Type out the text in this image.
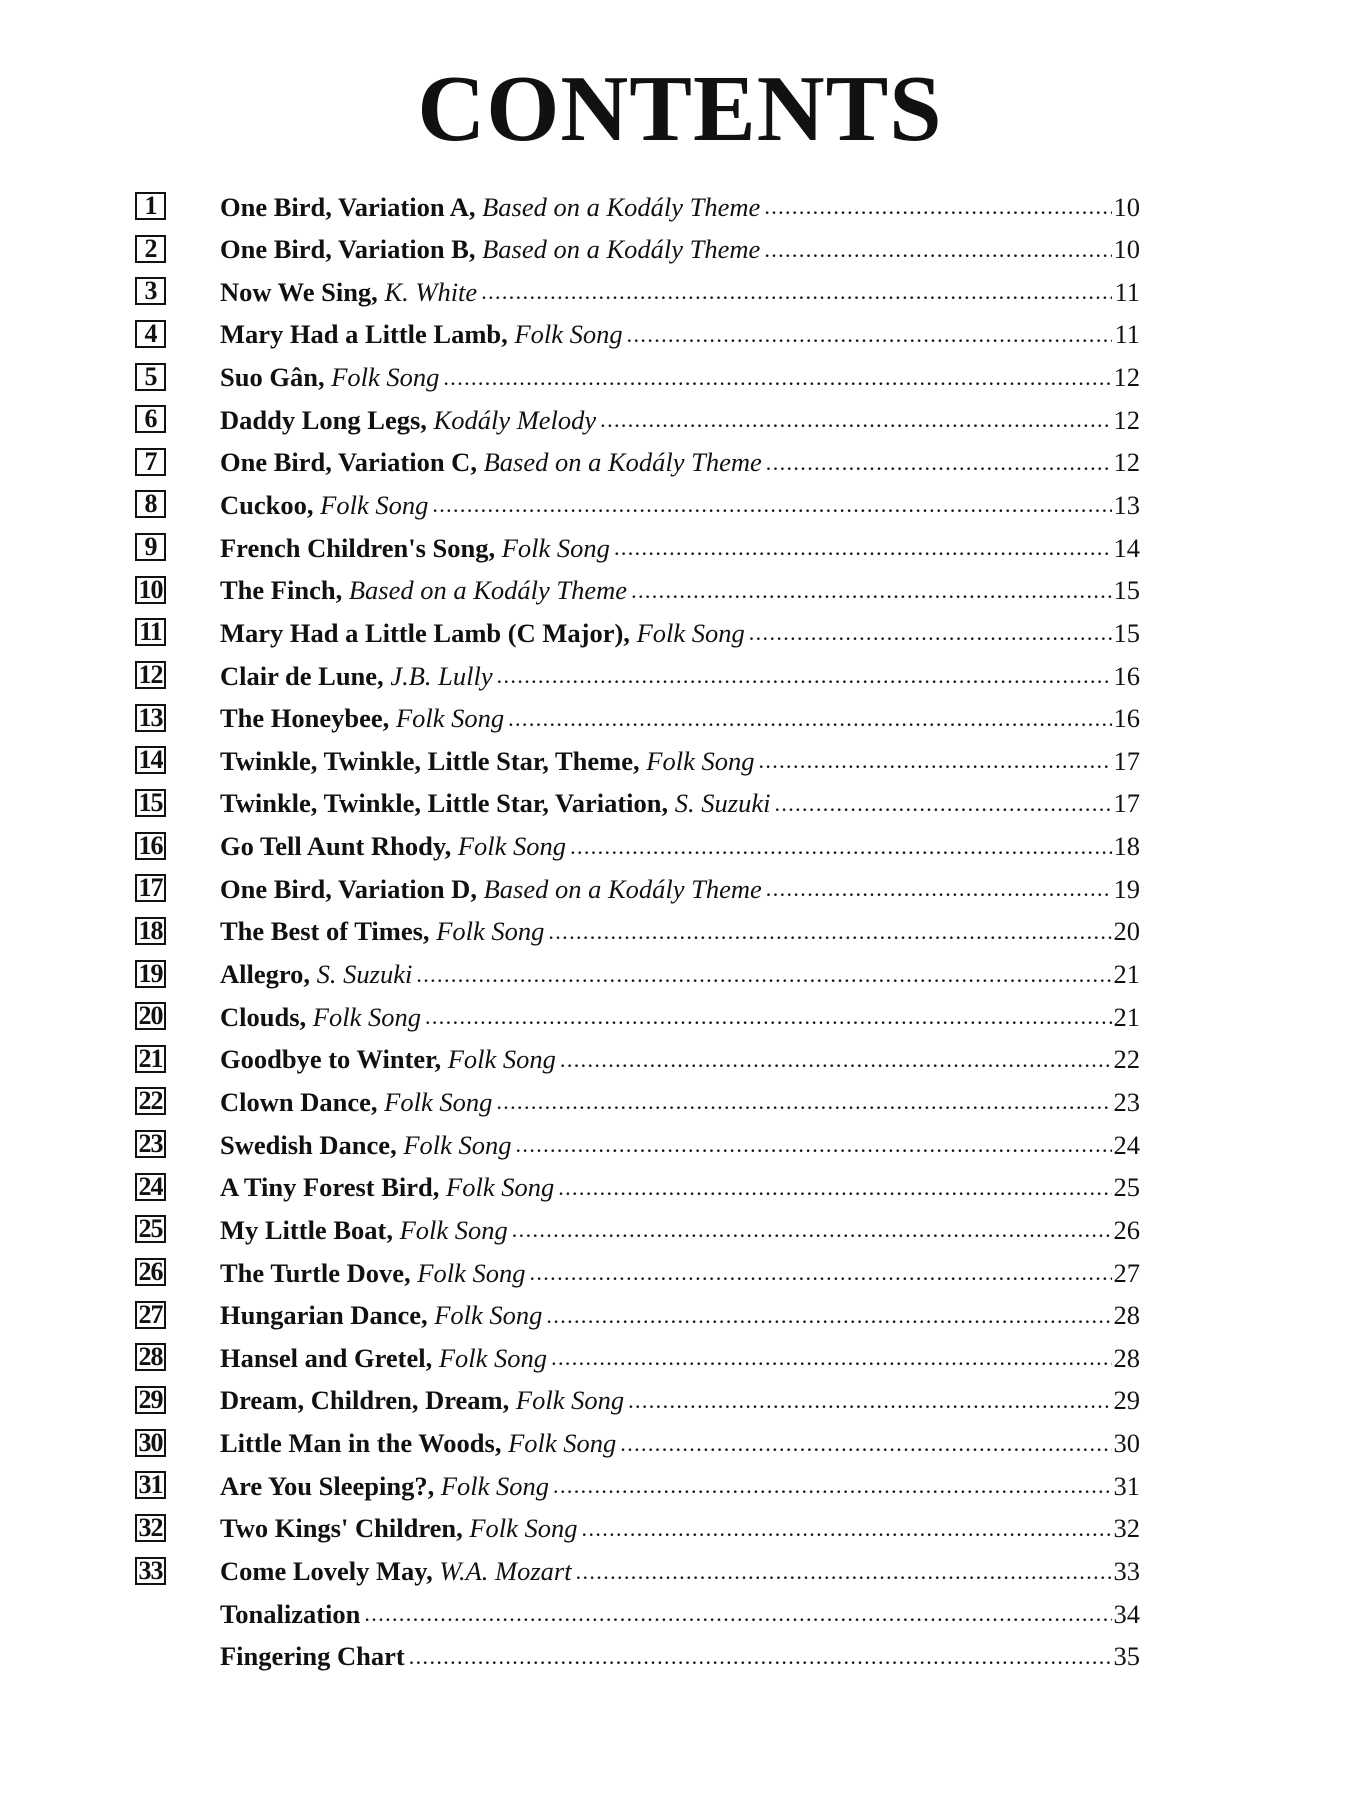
CONTENTS
1	One Bird, Variation A,
Based on a Kodály Theme .....	10
2	One Bird, Variation B,
Based on a Kodály Theme .....	10
3	Now We Sing,
K. White .....	11
4	Mary Had a Little Lamb,
Folk Song .....	11
5	Suo Gân,
Folk Song .....	12
6	Daddy Long Legs,
Kodály Melody .....	12
7	One Bird, Variation C,
Based on a Kodály Theme .....	12
8	Cuckoo,
Folk Song .....	13
9	French Children's Song,
Folk Song .....	14
10 The Finch,
Based on a Kodály Theme .....	15
11 Mary Had a Little Lamb (C Major),
Folk Song .....	15
12 Clair de Lune,
J.B. Lully .....	16
13 The Honeybee,
Folk Song .....	16
14 Twinkle, Twinkle, Little Star, Theme,
Folk Song .....	17
15 Twinkle, Twinkle, Little Star, Variation,
S. Suzuki .....	17
16 Go Tell Aunt Rhody,
Folk Song .....	18
17 One Bird, Variation D,
Based on a Kodály Theme .....	19
18 The Best of Times,
Folk Song .....	20
19 Allegro,
S. Suzuki .....	21
20 Clouds,
Folk Song .....	21
21 Goodbye to Winter,
Folk Song .....	22
22 Clown Dance,
Folk Song .....	23
23 Swedish Dance,
Folk Song .....	24
24 A Tiny Forest Bird,
Folk Song .....	25
25 My Little Boat,
Folk Song .....	26
26 The Turtle Dove,
Folk Song .....	27
27 Hungarian Dance,
Folk Song .....	28
28 Hansel and Gretel,
Folk Song .....	28
29 Dream, Children, Dream,
Folk Song .....	29
30 Little Man in the Woods,
Folk Song .....	30
31 Are You Sleeping?,
Folk Song .....	31
32 Two Kings' Children,
Folk Song .....	32
33 Come Lovely May,
W.A. Mozart .....	33
Tonalization .....	34
Fingering Chart .....	35
